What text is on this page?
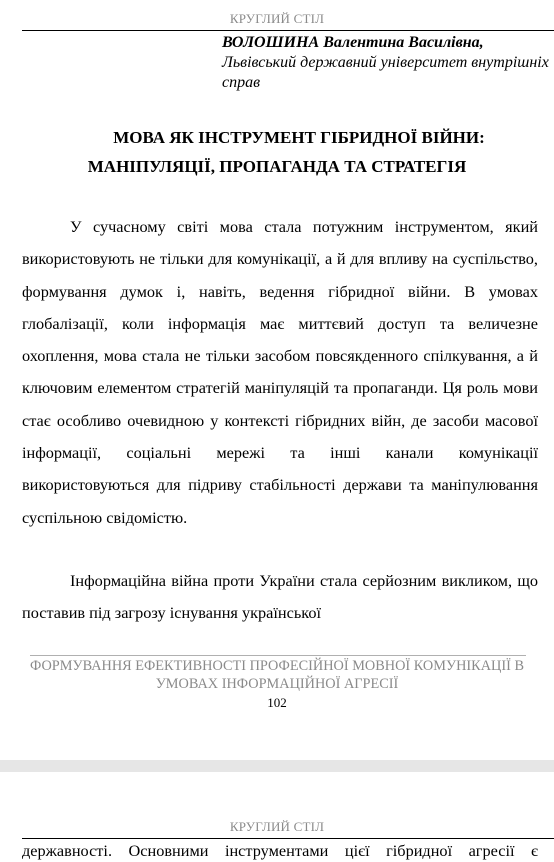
КРУГЛИЙ СТІЛ
ВОЛОШИНА Валентина Василівна,
Львівський державний університет внутрішніх справ
МОВА ЯК ІНСТРУМЕНТ ГІБРИДНОЇ ВІЙНИ:
МАНІПУЛЯЦІЇ, ПРОПАГАНДА ТА СТРАТЕГІЯ
У сучасному світі мова стала потужним інструментом, який використовують не тільки для комунікації, а й для впливу на суспільство, формування думок і, навіть, ведення гібридної війни. В умовах глобалізації, коли інформація має миттєвий доступ та величезне охоплення, мова стала не тільки засобом повсякденного спілкування, а й ключовим елементом стратегій маніпуляцій та пропаганди. Ця роль мови стає особливо очевидною у контексті гібридних війн, де засоби масової інформації, соціальні мережі та інші канали комунікації використовуються для підриву стабільності держави та маніпулювання суспільною свідомістю.
Інформаційна війна проти України стала серйозним викликом, що поставив під загрозу існування української
ФОРМУВАННЯ ЕФЕКТИВНОСТІ ПРОФЕСІЙНОЇ МОВНОЇ КОМУНІКАЦІЇ В УМОВАХ ІНФОРМАЦІЙНОЇ АГРЕСІЇ
102
КРУГЛИЙ СТІЛ
державності. Основними інструментами цієї гібридної агресії є
